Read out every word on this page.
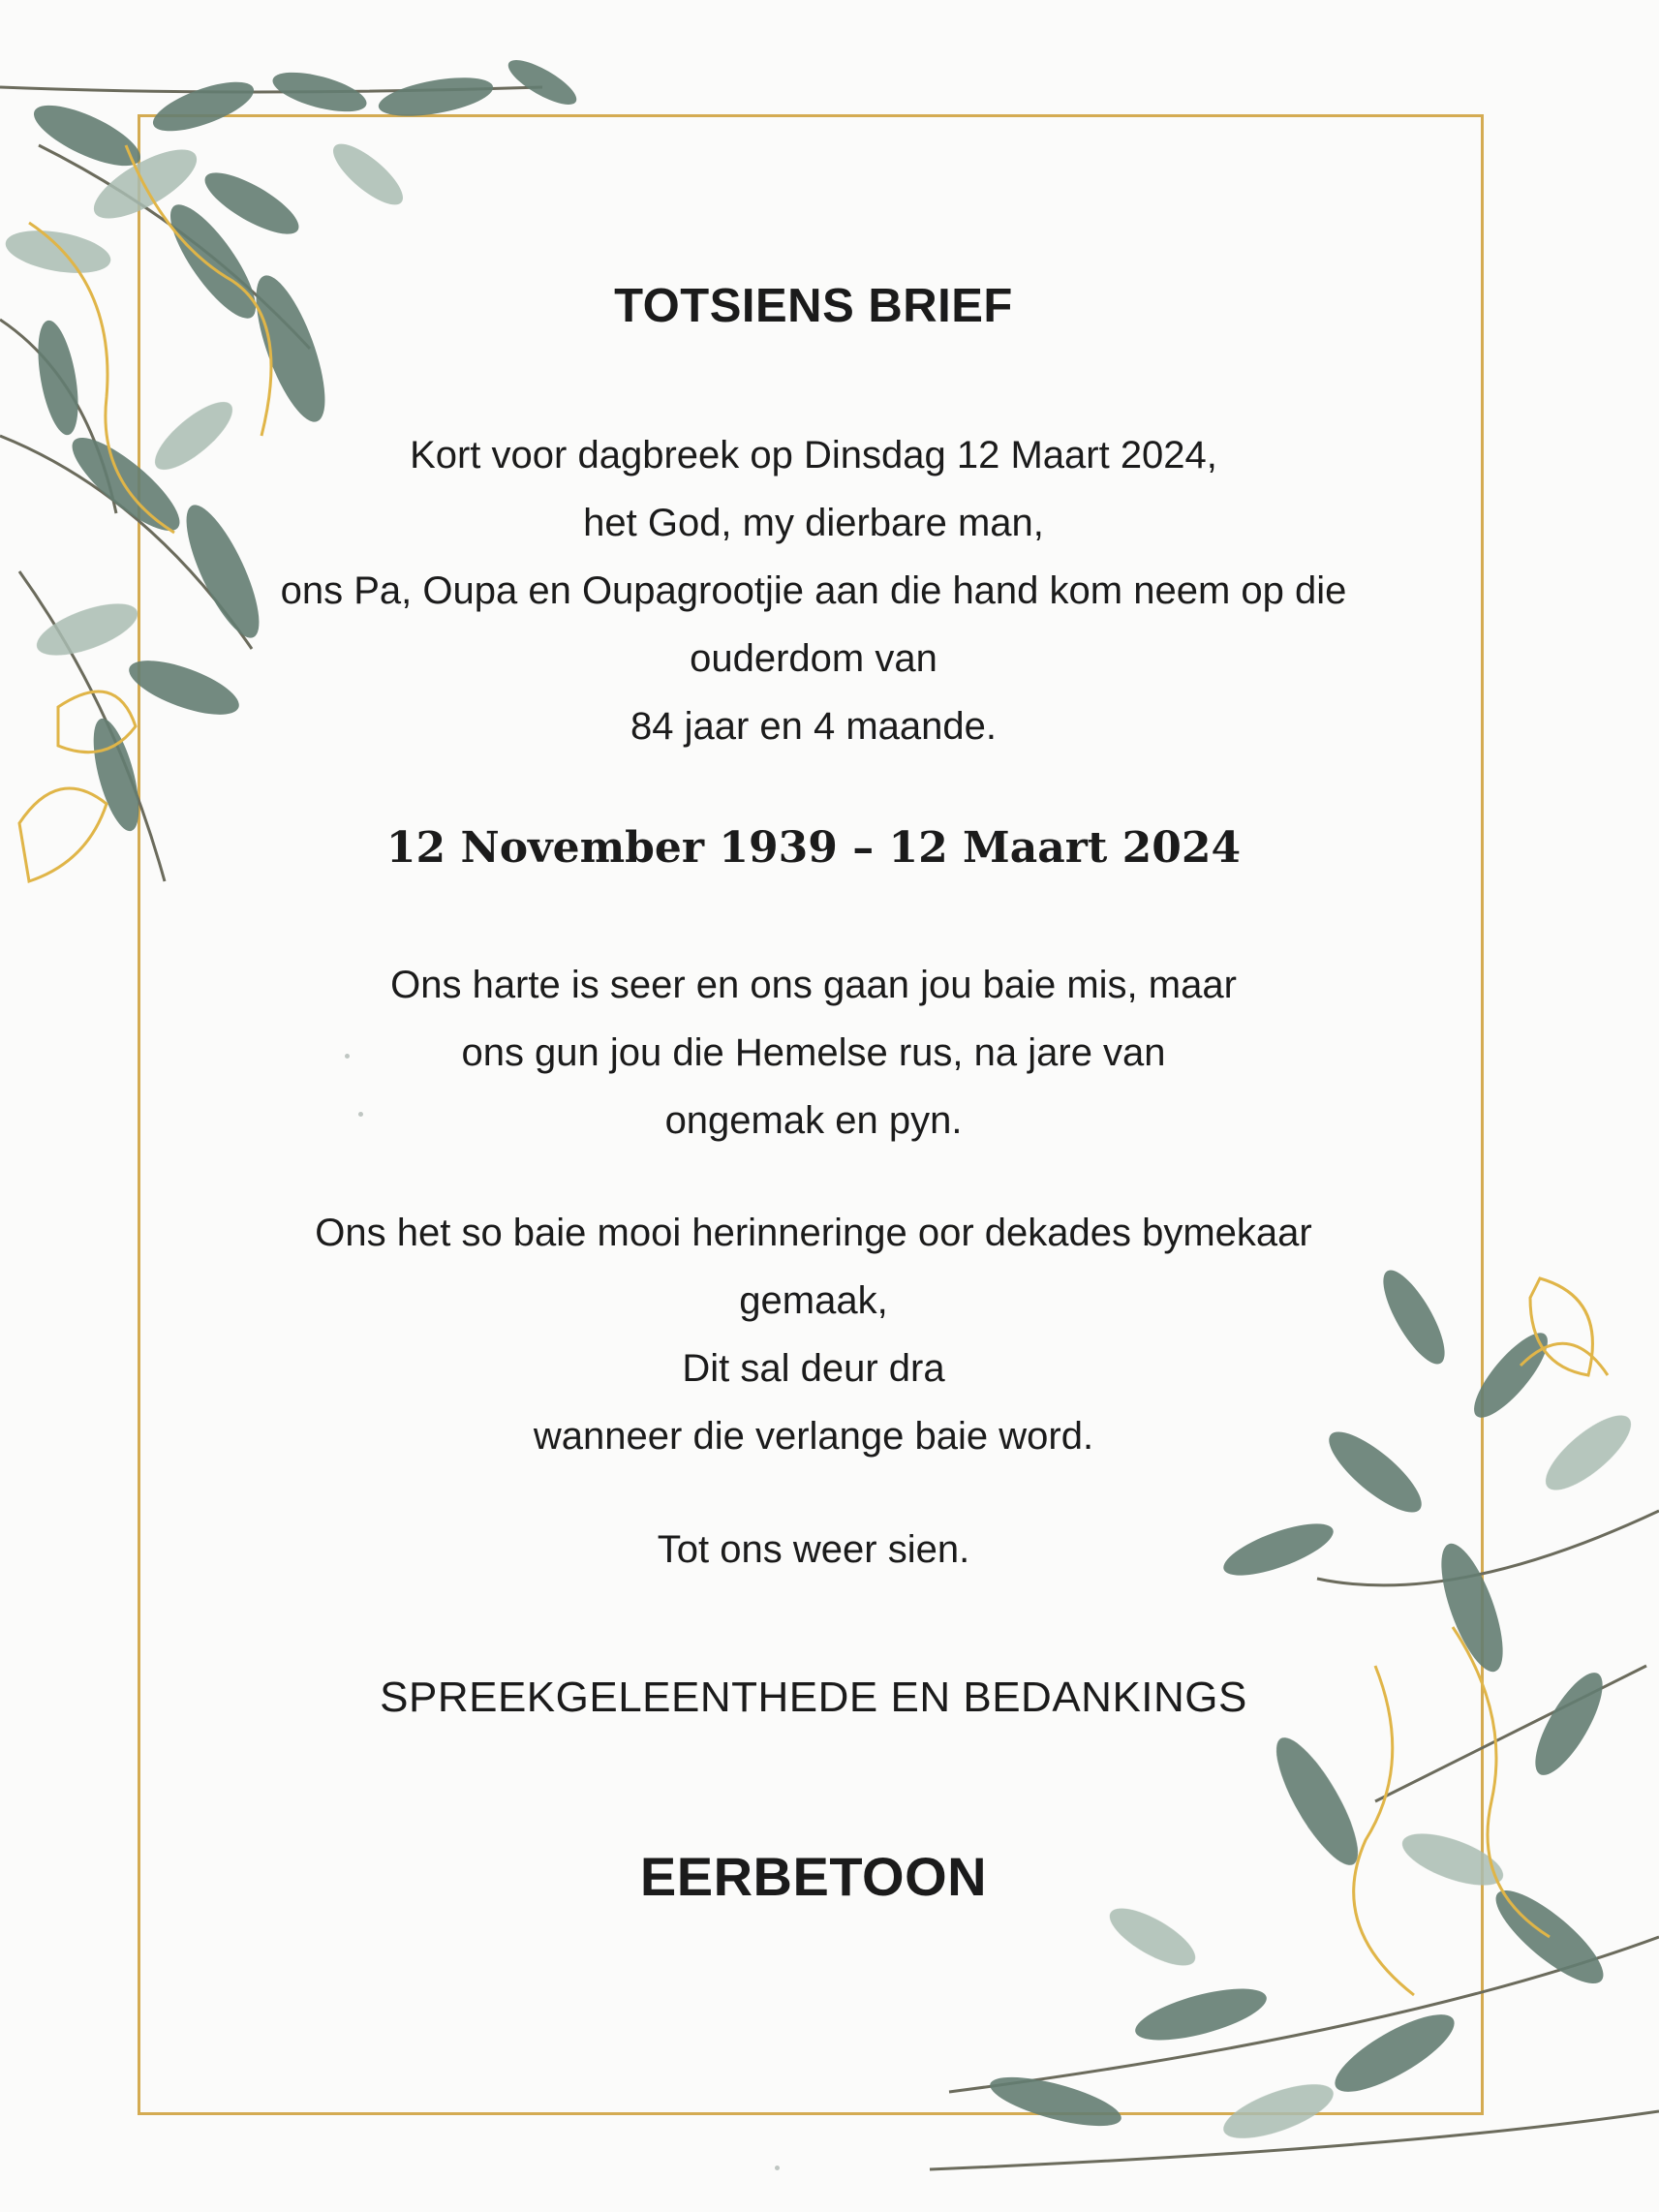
TOTSIENS BRIEF

Kort voor dagbreek op Dinsdag 12 Maart 2024,
het God, my dierbare man,
ons Pa, Oupa en Oupagrootjie aan die hand kom neem op die
ouderdom van
84 jaar en 4 maande.

12 November 1939 – 12 Maart 2024

Ons harte is seer en ons gaan jou baie mis, maar
ons gun jou die Hemelse rus, na jare van
ongemak en pyn.

Ons het so baie mooi herinneringe oor dekades bymekaar
gemaak,
Dit sal deur dra
wanneer die verlange baie word.

Tot ons weer sien.

SPREEKGELEENTHEDE EN BEDANKINGS
EERBETOON
